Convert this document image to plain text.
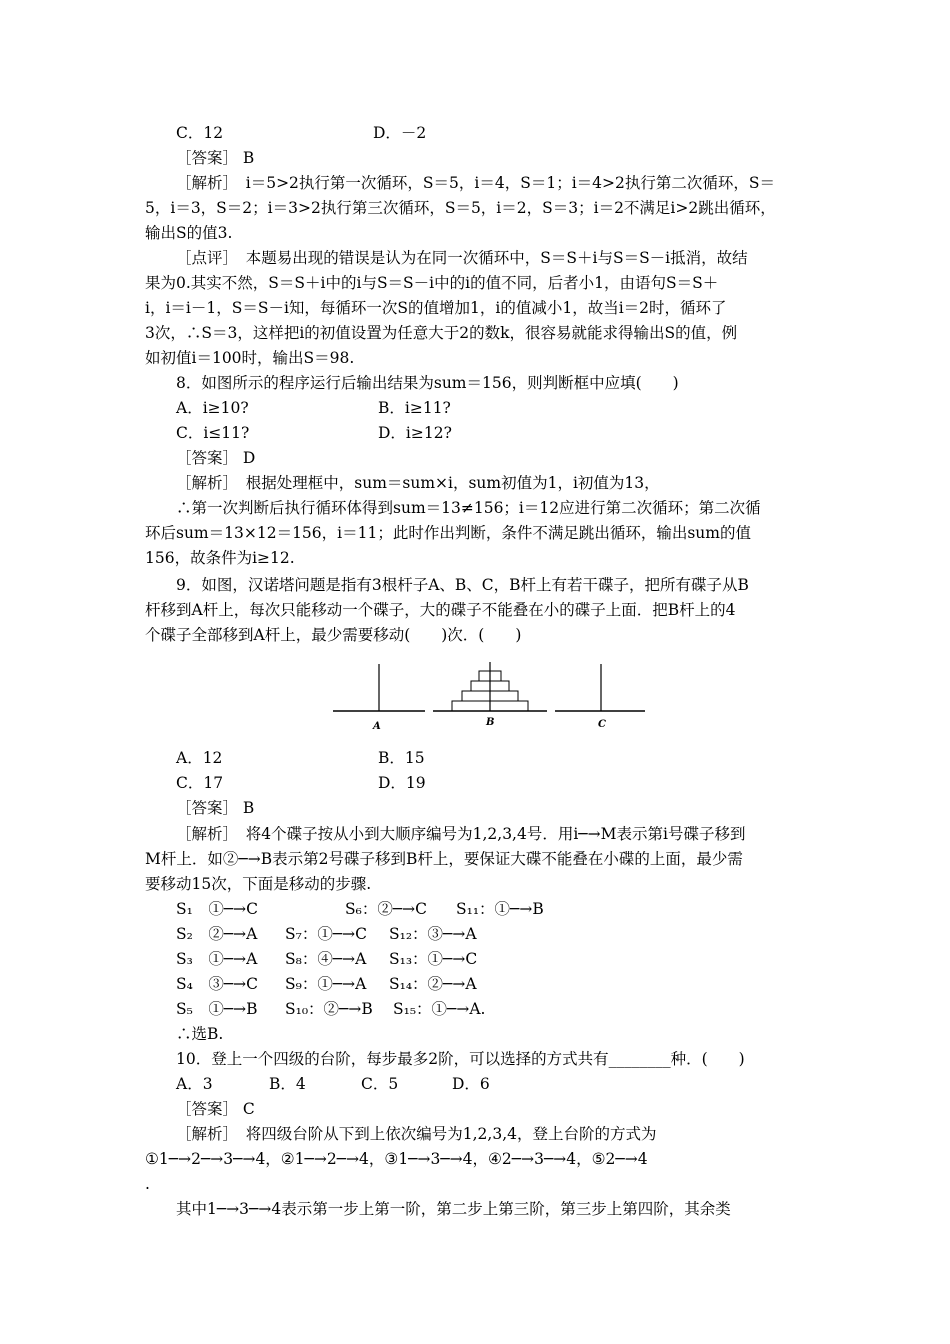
C．12	D．－2
［答案］ B
［解析］　i＝5>2执行第一次循环，S＝5，i＝4，S＝1；i＝4>2执行第二次循环，S＝
5，i＝3，S＝2；i＝3>2执行第三次循环，S＝5，i＝2，S＝3；i＝2不满足i>2跳出循环，
输出S的值3.
［点评］　本题易出现的错误是认为在同一次循环中，S＝S＋i与S＝S－i抵消，故结
果为0.其实不然，S＝S＋i中的i与S＝S－i中的i的值不同，后者小1，由语句S＝S＋
i，i＝i－1，S＝S－i知，每循环一次S的值增加1，i的值减小1，故当i＝2时，循环了
3次，∴S＝3，这样把i的初值设置为任意大于2的数k，很容易就能求得输出S的值，例
如初值i＝100时，输出S＝98.
8．如图所示的程序运行后输出结果为sum＝156，则判断框中应填(　　)
A．i≥10?	B．i≥11?
C．i≤11?	D．i≥12?
［答案］ D
［解析］　根据处理框中，sum＝sum×i，sum初值为1，i初值为13，
∴第一次判断后执行循环体得到sum＝13≠156；i＝12应进行第二次循环；第二次循
环后sum＝13×12＝156，i＝11；此时作出判断，条件不满足跳出循环，输出sum的值
156，故条件为i≥12.
9．如图，汉诺塔问题是指有3根杆子A、B、C，B杆上有若干碟子，把所有碟子从B
杆移到A杆上，每次只能移动一个碟子，大的碟子不能叠在小的碟子上面．把B杆上的4
个碟子全部移到A杆上，最少需要移动(　　)次．(　　)
A	B	C
A．12	B．15
C．17	D．19
［答案］ B
［解析］　将4个碟子按从小到大顺序编号为1,2,3,4号．用i─→M表示第i号碟子移到
M杆上．如②─→B表示第2号碟子移到B杆上，要保证大碟不能叠在小碟的上面，最少需
要移动15次，下面是移动的步骤.
S₁　①─→C	S₆：②─→C S₁₁：①─→B
S₂　②─→A S₇：①─→C S₁₂：③─→A
S₃　①─→A S₈：④─→A S₁₃：①─→C
S₄　③─→C S₉：①─→A S₁₄：②─→A
S₅　①─→B S₁₀：②─→B S₁₅：①─→A.
∴选B.
10．登上一个四级的台阶，每步最多2阶，可以选择的方式共有________种．(　　)
A．3	B．4	C．5	D．6
［答案］ C
［解析］　将四级台阶从下到上依次编号为1,2,3,4，登上台阶的方式为
①1─→2─→3─→4，②1─→2─→4，③1─→3─→4，④2─→3─→4，⑤2─→4
.
其中1─→3─→4表示第一步上第一阶，第二步上第三阶，第三步上第四阶，其余类
